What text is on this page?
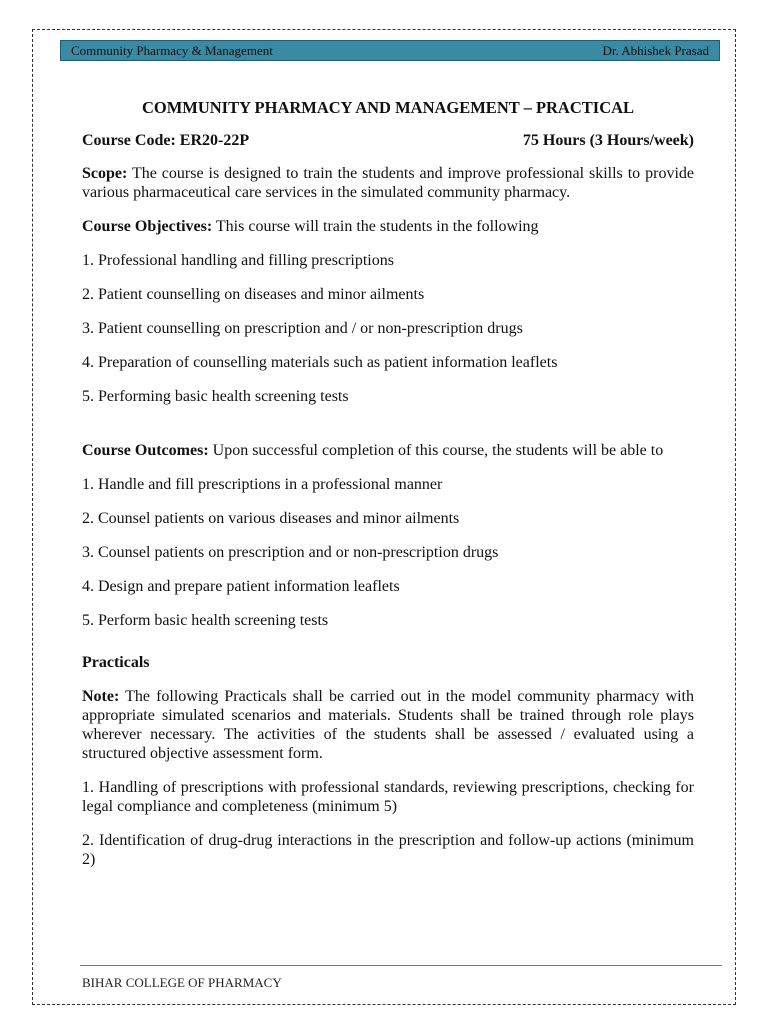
Community Pharmacy & Management	Dr. Abhishek Prasad
COMMUNITY PHARMACY AND MANAGEMENT – PRACTICAL
Course Code: ER20-22P	75 Hours (3 Hours/week)

Scope: The course is designed to train the students and improve professional skills to provide various pharmaceutical care services in the simulated community pharmacy.

Course Objectives: This course will train the students in the following

1. Professional handling and filling prescriptions
2. Patient counselling on diseases and minor ailments
3. Patient counselling on prescription and / or non-prescription drugs
4. Preparation of counselling materials such as patient information leaflets
5. Performing basic health screening tests

Course Outcomes: Upon successful completion of this course, the students will be able to

1. Handle and fill prescriptions in a professional manner
2. Counsel patients on various diseases and minor ailments
3. Counsel patients on prescription and or non-prescription drugs
4. Design and prepare patient information leaflets
5. Perform basic health screening tests

Practicals

Note: The following Practicals shall be carried out in the model community pharmacy with appropriate simulated scenarios and materials. Students shall be trained through role plays wherever necessary. The activities of the students shall be assessed / evaluated using a structured objective assessment form.

1. Handling of prescriptions with professional standards, reviewing prescriptions, checking for legal compliance and completeness (minimum 5)

2. Identification of drug-drug interactions in the prescription and follow-up actions (minimum 2)

BIHAR COLLEGE OF PHARMACY
